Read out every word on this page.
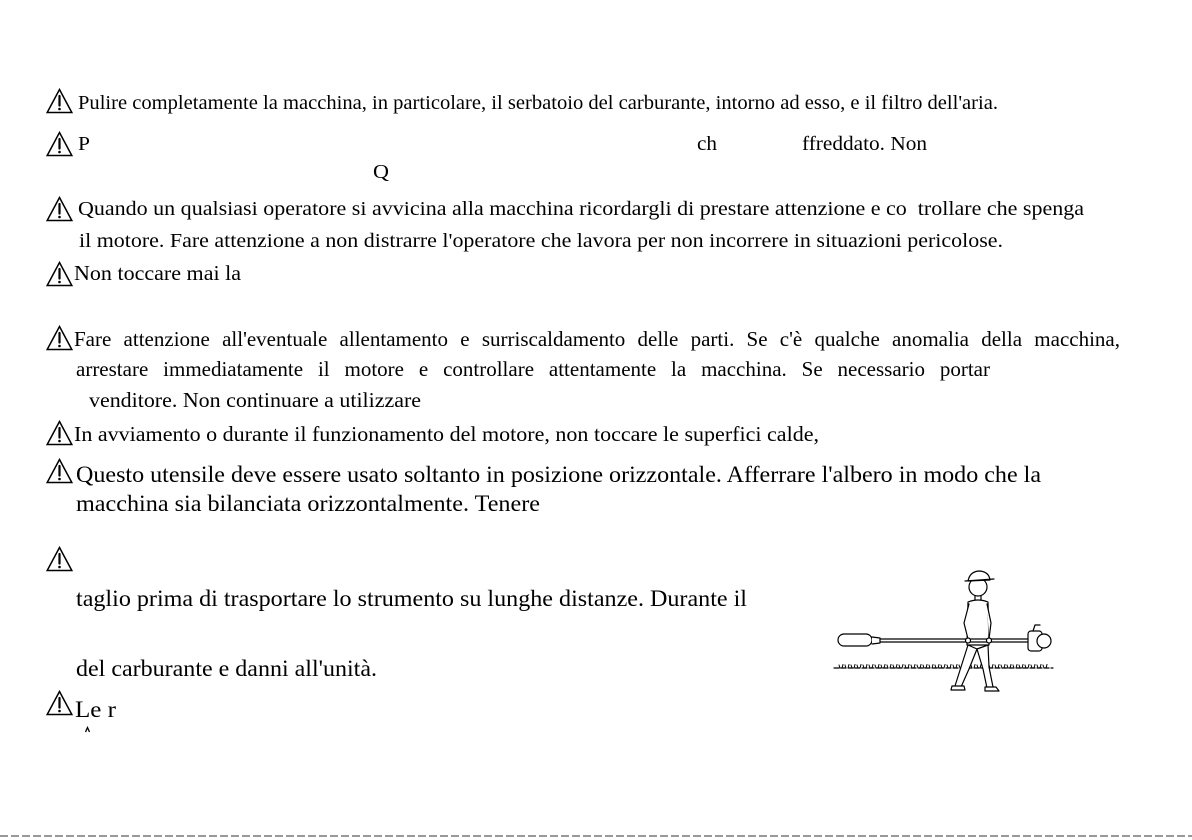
Pulire completamente la macchina, in particolare, il serbatoio del carburante, intorno ad esso, e il filtro dell'aria.
P	ch	ffreddato. Non
Q
Quando un qualsiasi operatore si avvicina alla macchina ricordargli di prestare attenzione e co  trollare che spenga
il motore. Fare attenzione a non distrarre l'operatore che lavora per non incorrere in situazioni pericolose.
Non toccare mai la
Fare attenzione all'eventuale allentamento e surriscaldamento delle parti. Se c'è qualche anomalia della macchina,
arrestare immediatamente il motore e controllare attentamente la macchina. Se necessario portar
venditore. Non continuare a utilizzare
In avviamento o durante il funzionamento del motore, non toccare le superfici calde,
Questo utensile deve essere usato soltanto in posizione orizzontale. Afferrare l'albero in modo che la
macchina sia bilanciata orizzontalmente. Tenere
taglio prima di trasportare lo strumento su lunghe distanze. Durante il
del carburante e danni all'unità.
Le r
